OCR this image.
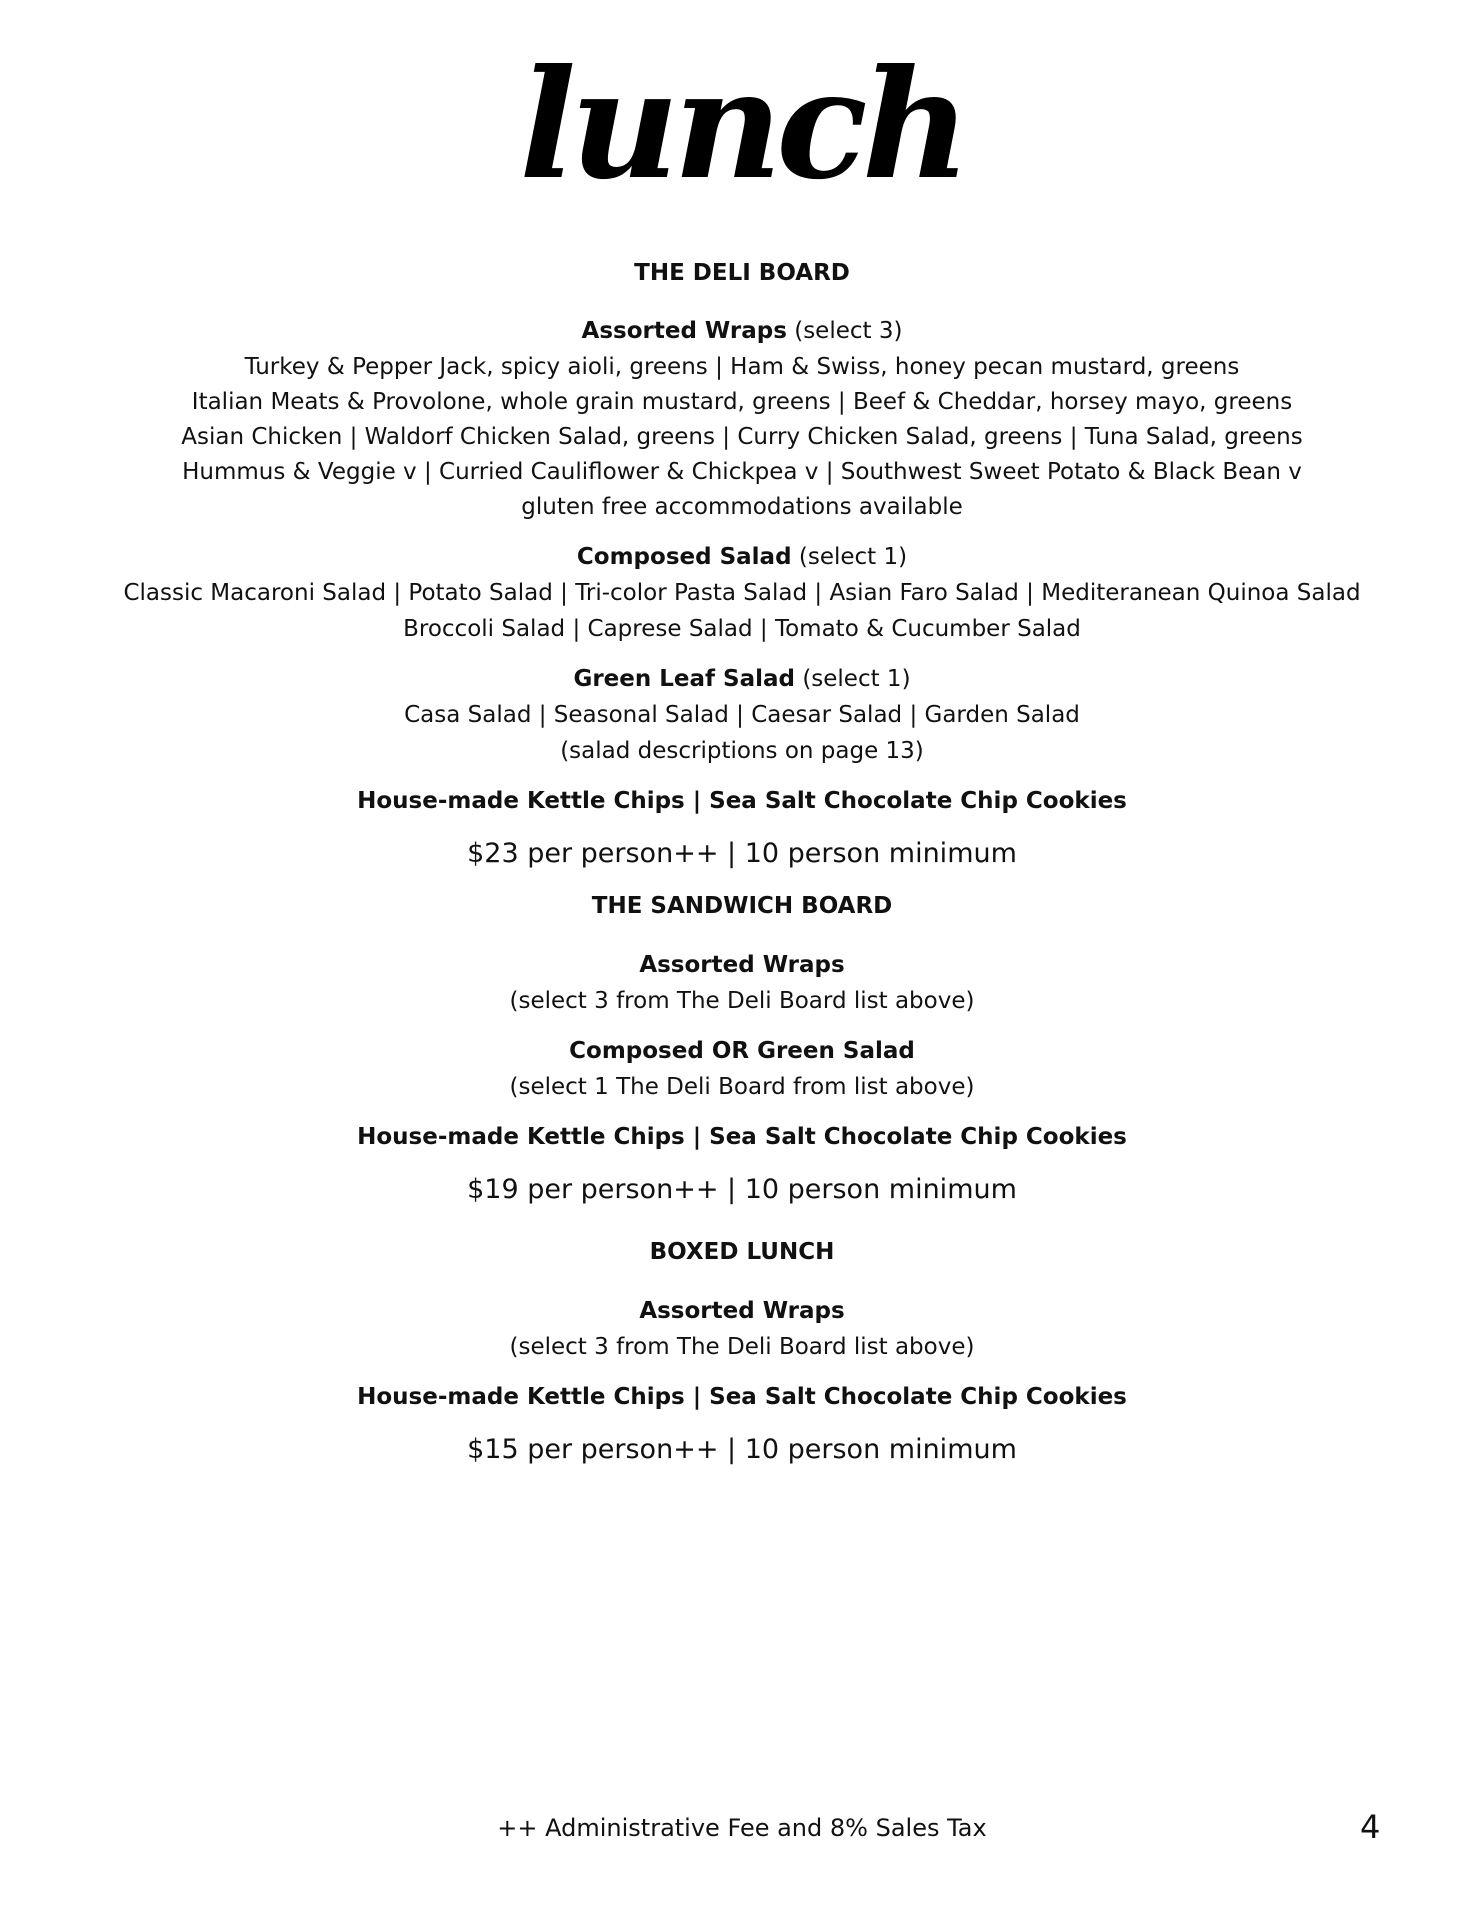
lunch
THE DELI BOARD
Assorted Wraps (select 3)
Turkey & Pepper Jack, spicy aioli, greens | Ham & Swiss, honey pecan mustard, greens
Italian Meats & Provolone, whole grain mustard, greens | Beef & Cheddar, horsey mayo, greens
Asian Chicken | Waldorf Chicken Salad, greens | Curry Chicken Salad, greens | Tuna Salad, greens
Hummus & Veggie v | Curried Cauliflower & Chickpea v | Southwest Sweet Potato & Black Bean v
gluten free accommodations available
Composed Salad (select 1)
Classic Macaroni Salad | Potato Salad | Tri-color Pasta Salad | Asian Faro Salad | Mediteranean Quinoa Salad
Broccoli Salad | Caprese Salad | Tomato & Cucumber Salad
Green Leaf Salad (select 1)
Casa Salad | Seasonal Salad | Caesar Salad | Garden Salad
(salad descriptions on page 13)
House-made Kettle Chips | Sea Salt Chocolate Chip Cookies
$23 per person++ | 10 person minimum
THE SANDWICH BOARD
Assorted Wraps
(select 3 from The Deli Board list above)
Composed OR Green Salad
(select 1 The Deli Board from list above)
House-made Kettle Chips | Sea Salt Chocolate Chip Cookies
$19 per person++ | 10 person minimum
BOXED LUNCH
Assorted Wraps
(select 3 from The Deli Board list above)
House-made Kettle Chips | Sea Salt Chocolate Chip Cookies
$15 per person++ | 10 person minimum
++ Administrative Fee and 8% Sales Tax	4
